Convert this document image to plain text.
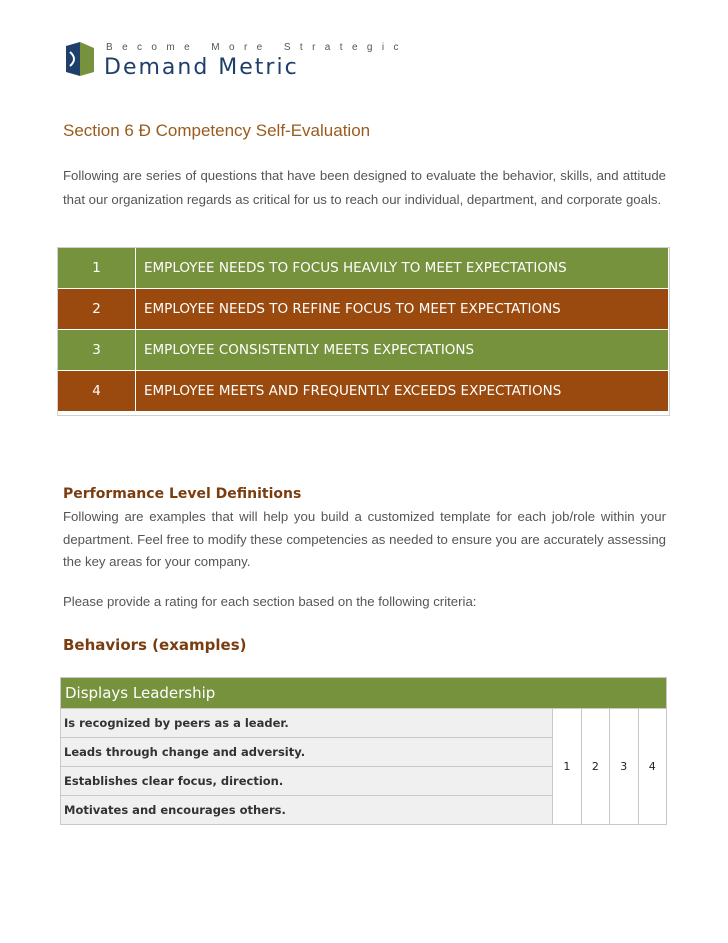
Become More Strategic
Demand Metric
Section 6 Ð Competency Self-Evaluation
Following are series of questions that have been designed to evaluate the behavior, skills, and attitude that our organization regards as critical for us to reach our individual, department, and corporate goals.
1	EMPLOYEE NEEDS TO FOCUS HEAVILY TO MEET EXPECTATIONS
2	EMPLOYEE NEEDS TO REFINE FOCUS TO MEET EXPECTATIONS
3	EMPLOYEE CONSISTENTLY MEETS EXPECTATIONS
4	EMPLOYEE MEETS AND FREQUENTLY EXCEEDS EXPECTATIONS
Performance Level Definitions
Following are examples that will help you build a customized template for each job/role within your department. Feel free to modify these competencies as needed to ensure you are accurately assessing the key areas for your company.
Please provide a rating for each section based on the following criteria:
Behaviors (examples)
Displays Leadership
Is recognized by peers as a leader.	1	2	3	4
Leads through change and adversity.
Establishes clear focus, direction.
Motivates and encourages others.
